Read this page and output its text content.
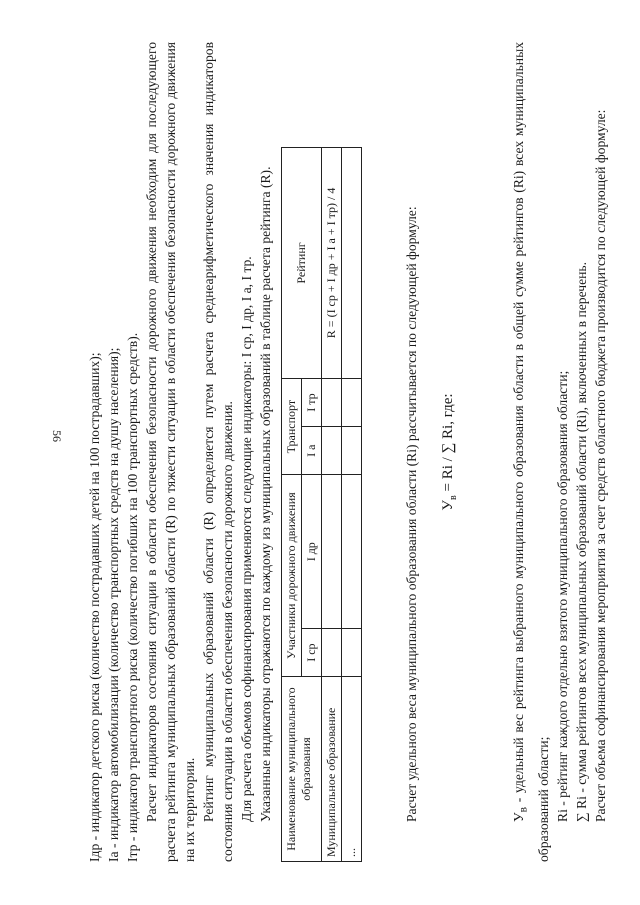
56 Iдр - индикатор детского риска (количество пострадавших детей на 100 пострадавших); Iа - индикатор автомобилизации (количество транспортных средств на душу населения); Iтр - индикатор транспортного риска (количество погибших на 100 транспортных средств). Расчет индикаторов состояния ситуации в области обеспечения безопасности дорожного движения необходим для последующего расчета рейтинга муниципальных образований области (R) по тяжести ситуации в области обеспечения безопасности дорожного движения на их территории. Рейтинг муниципальных образований области (R) определяется путем расчета среднеарифметического значения индикаторов состояния ситуации в области обеспечения безопасности дорожного движения. Для расчета объемов софинансирования применяются следующие индикаторы: I ср, I др, I а, I тр. Указанные индикаторы отражаются по каждому из муниципальных образований в таблице расчета рейтинга (R). Наименование муниципального образования	Участники дорожного движения		Транспорт		Рейтинг
	I ср	I др	I а	I тр	
Муниципальное образование					R = (I ср + I др + I а + I тр) / 4
...					

Расчет удельного веса муниципального образования области (Ri) рассчитывается по следующей формуле: $У_в = Ri$ / ∑ Ri, где:

$У_в$ - удельный вес рейтинга выбранного муниципального образования области в общей сумме рейтингов (Ri) всех муниципальных образований области; Ri - рейтинг каждого отдельно взятого муниципального образования области; ∑ Ri - сумма рейтингов всех муниципальных образований области (Ri), включенных в перечень. Расчет объема софинансирования мероприятия за счет средств областного бюджета производится по следующей формуле:
